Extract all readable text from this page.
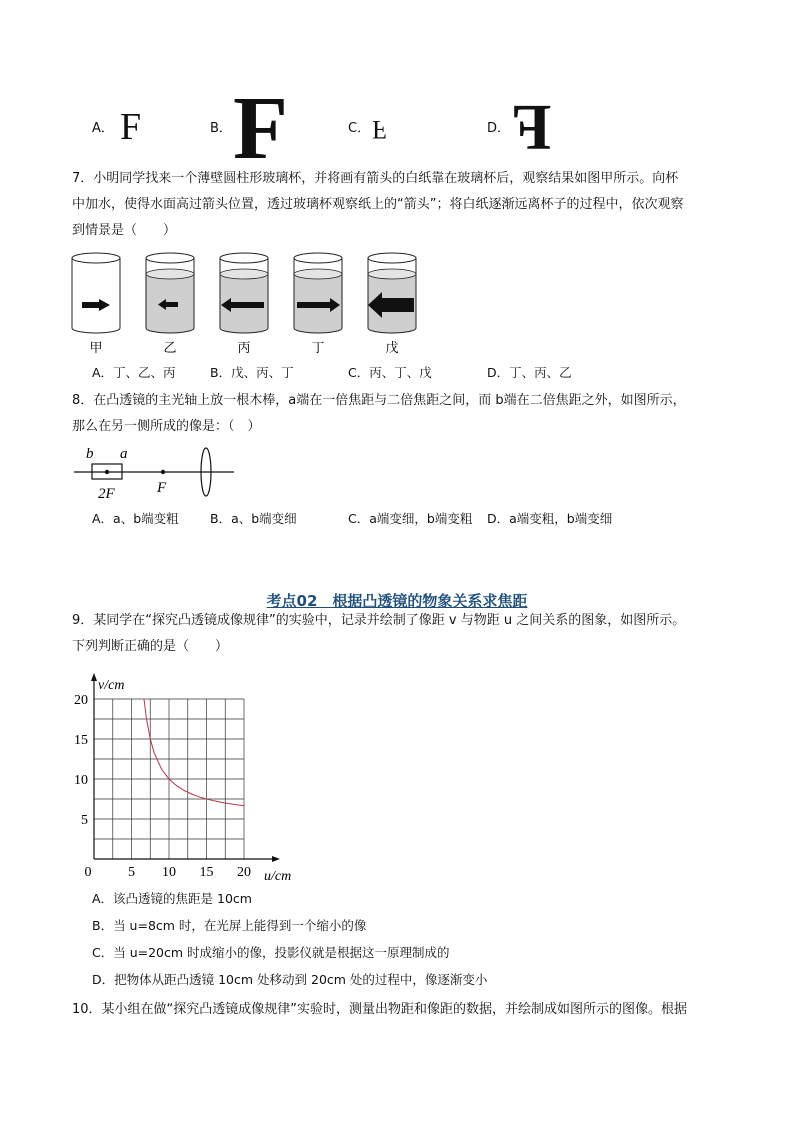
A． F	B． F	C． F	D． F
7．小明同学找来一个薄壁圆柱形玻璃杯，并将画有箭头的白纸靠在玻璃杯后，观察结果如图甲所示。向杯
中加水，使得水面高过箭头位置，透过玻璃杯观察纸上的“箭头”；将白纸逐渐远离杯子的过程中，依次观察
到情景是（　　）
甲	乙	丙	丁	戊
A．丁、乙、丙	B．戊、丙、丁	C．丙、丁、戊	D．丁、丙、乙
8．在凸透镜的主光轴上放一根木棒，a端在一倍焦距与二倍焦距之间，而 b端在二倍焦距之外，如图所示，
那么在另一侧所成的像是：（　）
b a
2F	F
A．a、b端变粗	B．a、b端变细	C．a端变细，b端变粗 D．a端变粗，b端变细
考点02　根据凸透镜的物象关系求焦距
9．某同学在“探究凸透镜成像规律”的实验中，记录并绘制了像距 v 与物距 u 之间关系的图象，如图所示。
下列判断正确的是（　　）
0	5 10 15 20
5
10
15
20
v/cm
u/cm
A．该凸透镜的焦距是 10cm
B．当 u=8cm 时，在光屏上能得到一个缩小的像
C．当 u=20cm 时成缩小的像，投影仪就是根据这一原理制成的
D．把物体从距凸透镜 10cm 处移动到 20cm 处的过程中，像逐渐变小
10．某小组在做“探究凸透镜成像规律”实验时，测量出物距和像距的数据，并绘制成如图所示的图像。根据
